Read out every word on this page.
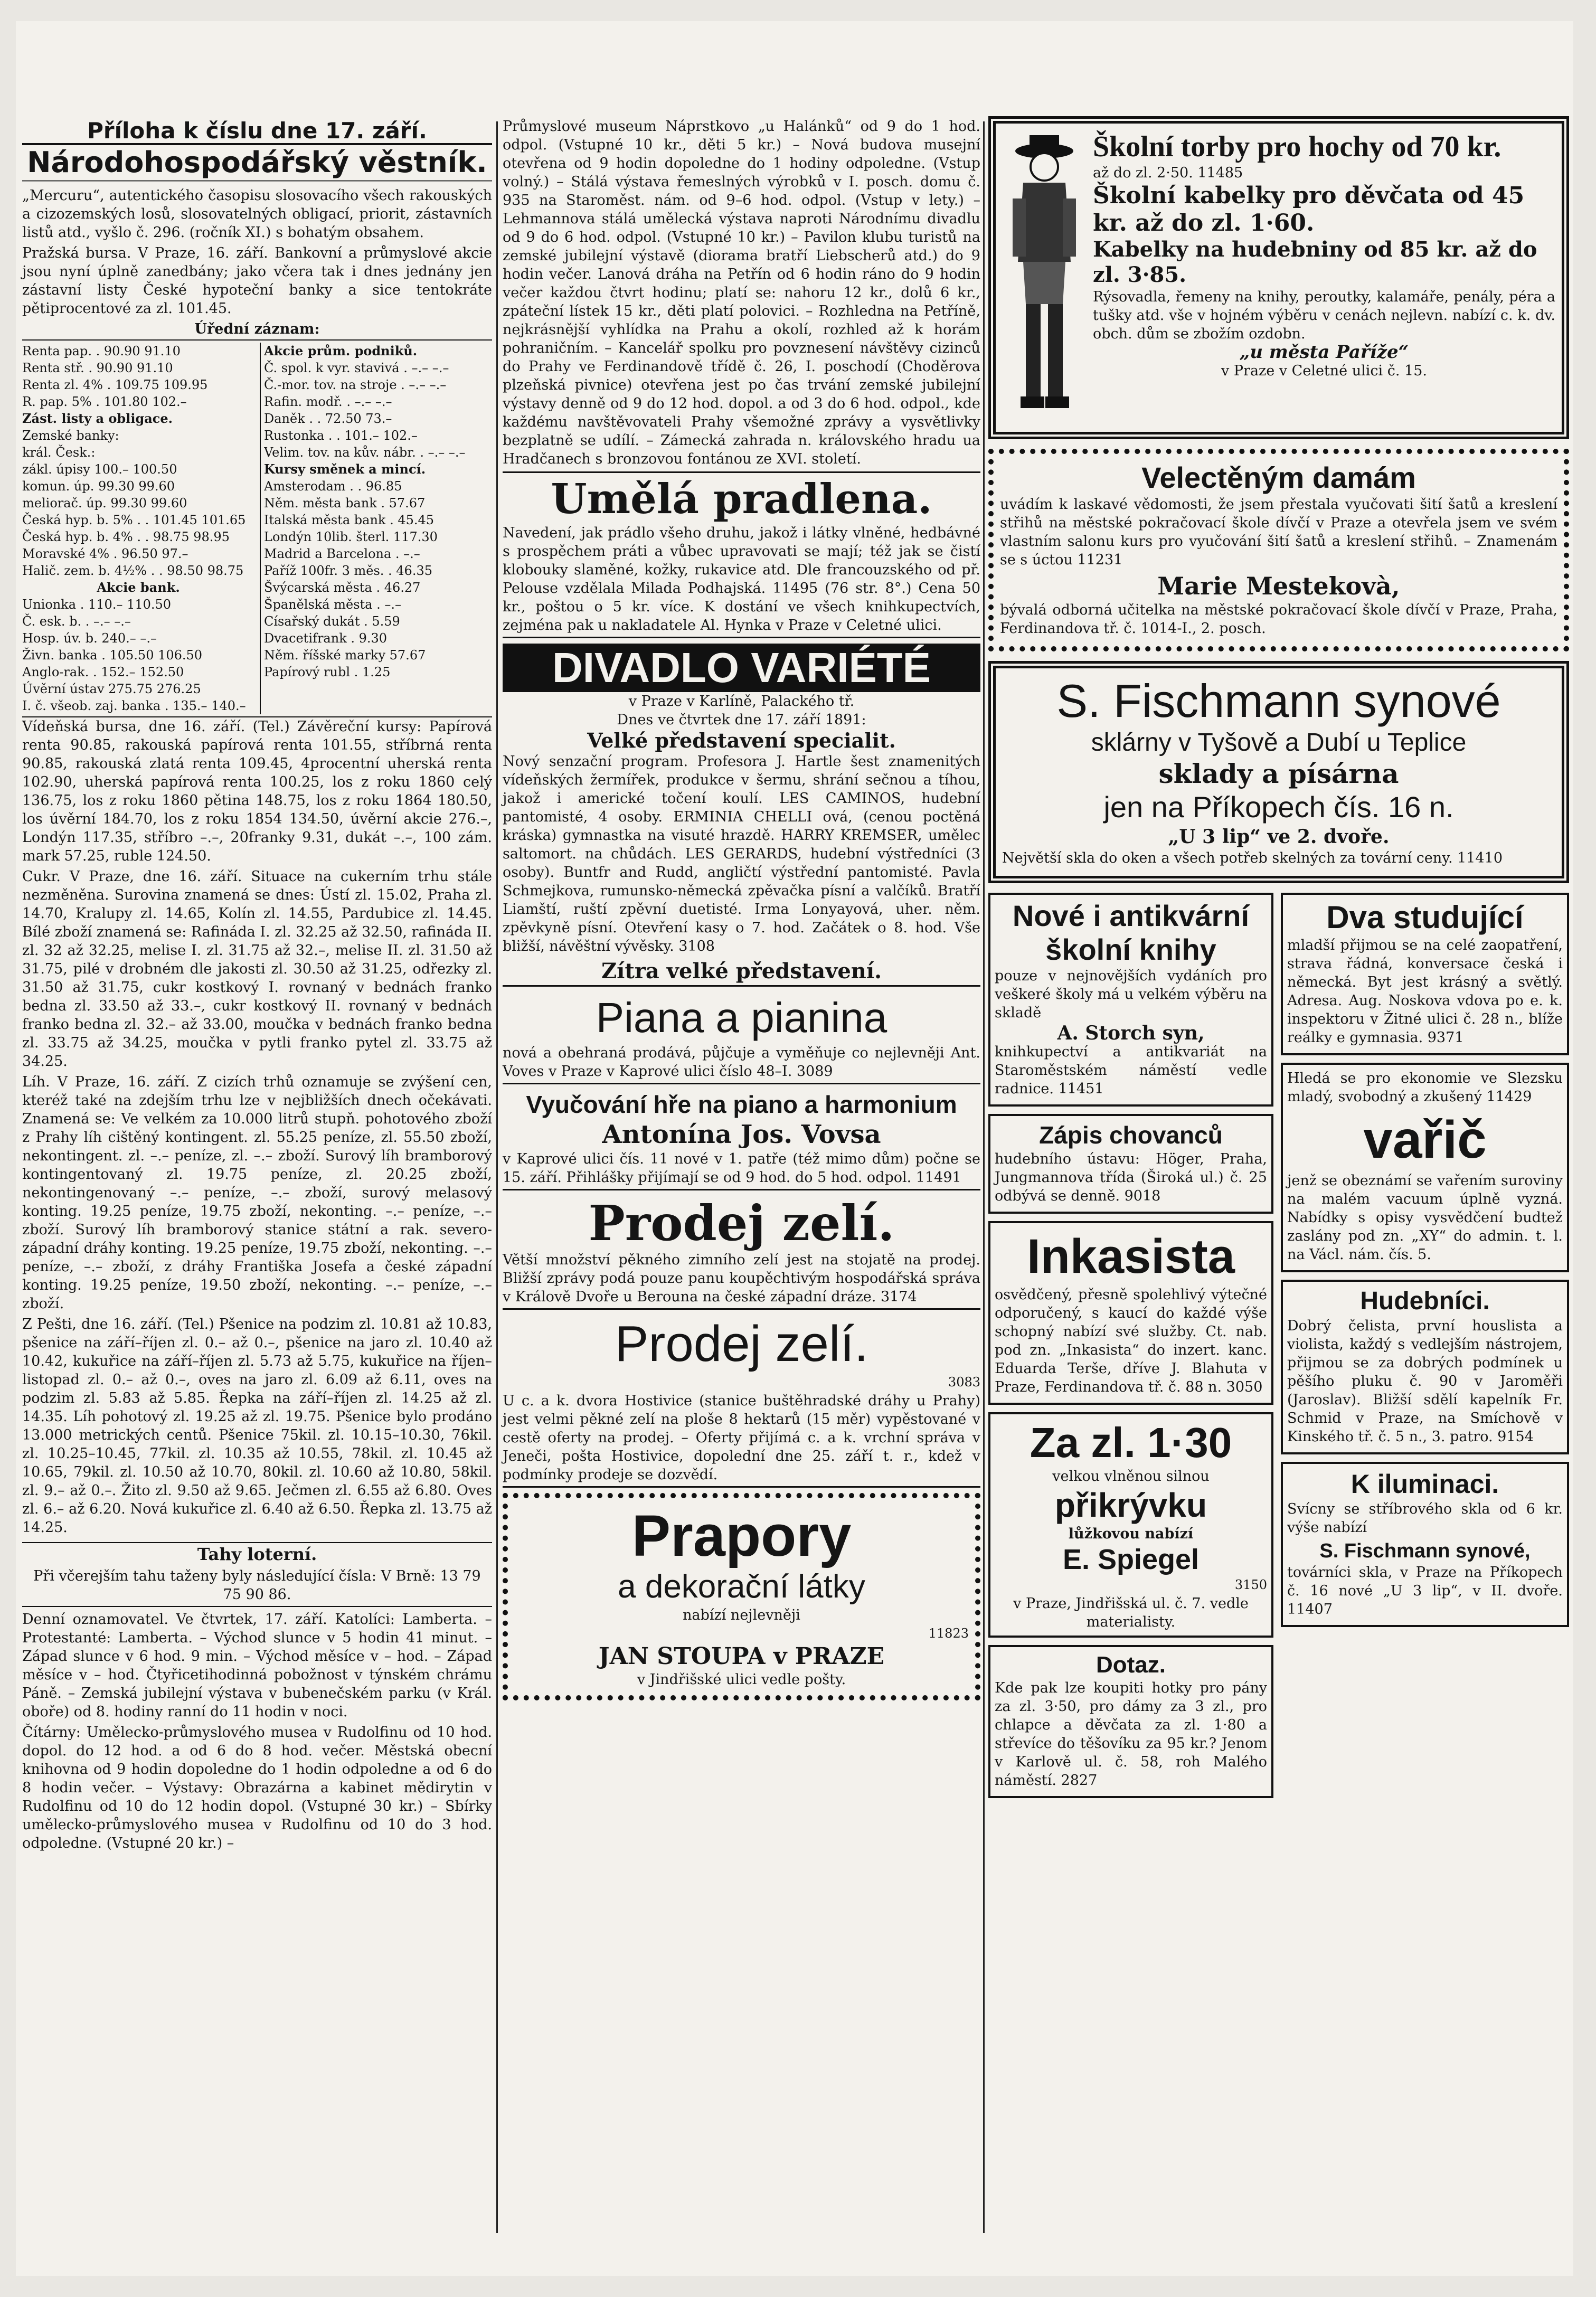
Příloha k číslu dne 17. září.
Národohospodářský věstník.

„Mercuru“, autentického časopisu slosovacího všech rakouských a cizozemských losů, slosovatelných obligací, priorit, zástavních listů atd., vyšlo č. 296. (ročník XI.) s bohatým obsahem.

Pražská bursa. V Praze, 16. září. Bankovní a průmyslové akcie jsou nyní úplně zanedbány; jako včera tak i dnes jednány jen zástavní listy České hypoteční banky a sice tentokráte pětiprocentové za zl. 101.45.

Úřední záznam:
Renta pap. . 90.90 91.10
Renta stř. . 90.90 91.10
Renta zl. 4% . 109.75 109.95
R. pap. 5% . 101.80 102.–
Zást. listy a obligace.
Zemské banky:
král. Česk.:
zákl. úpisy 100.– 100.50
komun. úp. 99.30 99.60
meliorač. úp. 99.30 99.60
Česká hyp. b. 5% . . 101.45 101.65
Česká hyp. b. 4% . . 98.75 98.95
Moravské 4% . 96.50 97.–
Halič. zem. b. 4½% . . 98.50 98.75
Akcie bank.
Unionka . 110.– 110.50
Č. esk. b. . –.– –.–
Hosp. úv. b. 240.– –.–
Živn. banka . 105.50 106.50
Anglo-rak. . 152.– 152.50
Úvěrní ústav 275.75 276.25
I. č. všeob. zaj. banka . 135.– 140.–
Akcie prům. podniků.
Č. spol. k vyr. stavivá . –.– –.–
Č.-mor. tov. na stroje . –.– –.–
Rafin. modř. . –.– –.–
Daněk . . 72.50 73.–
Rustonka . . 101.– 102.–
Velim. tov. na kův. nábr. . –.– –.–
Kursy směnek a mincí.
Amsterodam . . 96.85
Něm. města bank . 57.67
Italská města bank . 45.45
Londýn 10lib. šterl. 117.30
Madrid a Barcelona . –.–
Paříž 100fr. 3 měs. . 46.35
Švýcarská města . 46.27
Španělská města . –.–
Císařský dukát . 5.59
Dvacetifrank . 9.30
Něm. říšské marky 57.67
Papírový rubl . 1.25

Vídeňská bursa, dne 16. září. (Tel.) Závěreční kursy: Papírová renta 90.85, rakouská papírová renta 101.55, stříbrná renta 90.85, rakouská zlatá renta 109.45, 4procentní uherská renta 102.90, uherská papírová renta 100.25, los z roku 1860 celý 136.75, los z roku 1860 pětina 148.75, los z roku 1864 180.50, los úvěrní 184.70, los z roku 1854 134.50, úvěrní akcie 276.–, Londýn 117.35, stříbro –.–, 20franky 9.31, dukát –.–, 100 zám. mark 57.25, ruble 124.50.

Cukr. V Praze, dne 16. září. Situace na cukerním trhu stále nezměněna. Surovina znamená se dnes: Ústí zl. 15.02, Praha zl. 14.70, Kralupy zl. 14.65, Kolín zl. 14.55, Pardubice zl. 14.45. Bílé zboží znamená se: Rafináda I. zl. 32.25 až 32.50, rafináda II. zl. 32 až 32.25, melise I. zl. 31.75 až 32.–, melise II. zl. 31.50 až 31.75, pilé v drobném dle jakosti zl. 30.50 až 31.25, odřezky zl. 31.50 až 31.75, cukr kostkový I. rovnaný v bednách franko bedna zl. 33.50 až 33.–, cukr kostkový II. rovnaný v bednách franko bedna zl. 32.– až 33.00, moučka v bednách franko bedna zl. 33.75 až 34.25, moučka v pytli franko pytel zl. 33.75 až 34.25.

Líh. V Praze, 16. září. Z cizích trhů oznamuje se zvýšení cen, kteréž také na zdejším trhu lze v nejbližších dnech očekávati. Znamená se: Ve velkém za 10.000 litrů stupň. pohotového zboží z Prahy líh cištěný kontingent. zl. 55.25 peníze, zl. 55.50 zboží, nekontingent. zl. –.– peníze, zl. –.– zboží. Surový líh bramborový kontingentovaný zl. 19.75 peníze, zl. 20.25 zboží, nekontingenovaný –.– peníze, –.– zboží, surový melasový konting. 19.25 peníze, 19.75 zboží, nekonting. –.– peníze, –.– zboží. Surový líh bramborový stanice státní a rak. severo-západní dráhy konting. 19.25 peníze, 19.75 zboží, nekonting. –.– peníze, –.– zboží, z dráhy Františka Josefa a české západní konting. 19.25 peníze, 19.50 zboží, nekonting. –.– peníze, –.– zboží.

Z Pešti, dne 16. září. (Tel.) Pšenice na podzim zl. 10.81 až 10.83, pšenice na září–říjen zl. 0.– až 0.–, pšenice na jaro zl. 10.40 až 10.42, kukuřice na září–říjen zl. 5.73 až 5.75, kukuřice na říjen–listopad zl. 0.– až 0.–, oves na jaro zl. 6.09 až 6.11, oves na podzim zl. 5.83 až 5.85. Řepka na září–říjen zl. 14.25 až zl. 14.35. Líh pohotový zl. 19.25 až zl. 19.75. Pšenice bylo prodáno 13.000 metrických centů. Pšenice 75kil. zl. 10.15–10.30, 76kil. zl. 10.25–10.45, 77kil. zl. 10.35 až 10.55, 78kil. zl. 10.45 až 10.65, 79kil. zl. 10.50 až 10.70, 80kil. zl. 10.60 až 10.80, 58kil. zl. 9.– až 0.–. Žito zl. 9.50 až 9.65. Ječmen zl. 6.55 až 6.80. Oves zl. 6.– až 6.20. Nová kukuřice zl. 6.40 až 6.50. Řepka zl. 13.75 až 14.25.

Tahy loterní.

Při včerejším tahu taženy byly následující čísla: V Brně: 13 79 75 90 86.

Denní oznamovatel. Ve čtvrtek, 17. září. Katolíci: Lamberta. – Protestanté: Lamberta. – Východ slunce v 5 hodin 41 minut. – Západ slunce v 6 hod. 9 min. – Východ měsíce v – hod. – Západ měsíce v – hod. Čtyřicetihodinná pobožnost v týnském chrámu Páně. – Zemská jubilejní výstava v bubenečském parku (v Král. oboře) od 8. hodiny ranní do 11 hodin v noci.

Čítárny: Umělecko-průmyslového musea v Rudolfinu od 10 hod. dopol. do 12 hod. a od 6 do 8 hod. večer. Městská obecní knihovna od 9 hodin dopoledne do 1 hodin odpoledne a od 6 do 8 hodin večer. – Výstavy: Obrazárna a kabinet mědirytin v Rudolfinu od 10 do 12 hodin dopol. (Vstupné 30 kr.) – Sbírky umělecko-průmyslového musea v Rudolfinu od 10 do 3 hod. odpoledne. (Vstupné 20 kr.) –

Průmyslové museum Náprstkovo „u Halánků“ od 9 do 1 hod. odpol. (Vstupné 10 kr., děti 5 kr.) – Nová budova musejní otevřena od 9 hodin dopoledne do 1 hodiny odpoledne. (Vstup volný.) – Stálá výstava řemeslných výrobků v I. posch. domu č. 935 na Staroměst. nám. od 9–6 hod. odpol. (Vstup v lety.) – Lehmannova stálá umělecká výstava naproti Národnímu divadlu od 9 do 6 hod. odpol. (Vstupné 10 kr.) – Pavilon klubu turistů na zemské jubilejní výstavě (diorama bratří Liebscherů atd.) do 9 hodin večer. Lanová dráha na Petřín od 6 hodin ráno do 9 hodin večer každou čtvrt hodinu; platí se: nahoru 12 kr., dolů 6 kr., zpáteční lístek 15 kr., děti platí polovici. – Rozhledna na Petříně, nejkrásnější vyhlídka na Prahu a okolí, rozhled až k horám pohraničním. – Kancelář spolku pro povznesení návštěvy cizinců do Prahy ve Ferdinandově třídě č. 26, I. poschodí (Choděrova plzeňská pivnice) otevřena jest po čas trvání zemské jubilejní výstavy denně od 9 do 12 hod. dopol. a od 3 do 6 hod. odpol., kde každému navštěvovateli Prahy všemožné zprávy a vysvětlivky bezplatně se udílí. – Zámecká zahrada n. královského hradu ua Hradčanech s bronzovou fontánou ze XVI. století.

Umělá pradlena.

Navedení, jak prádlo všeho druhu, jakož i látky vlněné, hedbávné s prospěchem práti a vůbec upravovati se mají; též jak se čistí klobouky slaměné, kožky, rukavice atd. Dle francouzského od př. Pelouse vzdělala Milada Podhajská. 11495 (76 str. 8°.) Cena 50 kr., poštou o 5 kr. více. K dostání ve všech knihkupectvích, zejména pak u nakladatele Al. Hynka v Praze v Celetné ulici.

DIVADLO VARIÉTÉ
v Praze v Karlíně, Palackého tř.
Dnes ve čtvrtek dne 17. září 1891:
Velké představení specialit.

Nový senzační program. Profesora J. Hartle šest znamenitých vídeňských žermířek, produkce v šermu, shrání sečnou a tíhou, jakož i americké točení koulí. LES CAMINOS, hudební pantomisté, 4 osoby. ERMINIA CHELLI ová, (cenou poctěná kráska) gymnastka na visuté hrazdě. HARRY KREMSER, umělec saltomort. na chůdách. LES GERARDS, hudební výstředníci (3 osoby). Buntfr and Rudd, angličtí výstřední pantomisté. Pavla Schmejkova, rumunsko-německá zpěvačka písní a valčíků. Bratří Liamští, ruští zpěvní duetisté. Irma Lonyayová, uher. něm. zpěvkyně písní. Otevření kasy o 7. hod. Začátek o 8. hod. Vše bližší, návěštní vývěsky. 3108

Zítra velké představení.
Piana a pianina

nová a obehraná prodává, půjčuje a vyměňuje co nejlevněji Ant. Voves v Praze v Kaprové ulici číslo 48–I. 3089

Vyučování hře na piano a harmonium
Antonína Jos. Vovsa

v Kaprové ulici čís. 11 nové v 1. patře (též mimo dům) počne se 15. září. Přihlášky přijímají se od 9 hod. do 5 hod. odpol. 11491

Prodej zelí.

Větší množství pěkného zimního zelí jest na stojatě na prodej. Bližší zprávy podá pouze panu koupěchtivým hospodářská správa v Králově Dvoře u Berouna na české západní dráze. 3174

Prodej zelí.
3083

U c. a k. dvora Hostivice (stanice buštěhradské dráhy u Prahy) jest velmi pěkné zelí na ploše 8 hektarů (15 měr) vypěstované v cestě oferty na prodej. – Oferty přijímá c. a k. vrchní správa v Jeneči, pošta Hostivice, dopolední dne 25. září t. r., kdež v podmínky prodeje se dozvědí.

Prapory
a dekorační látky
nabízí nejlevněji
11823
JAN STOUPA v PRAZE
v Jindřišské ulici vedle pošty.
Školní torby pro hochy od 70 kr.
až do zl. 2·50. 11485
Školní kabelky pro děvčata od 45 kr. až do zl. 1·60.
Kabelky na hudebniny od 85 kr. až do zl. 3·85.
Rýsovadla, řemeny na knihy, peroutky, kalamáře, penály, péra a tušky atd. vše v hojném výběru v cenách nejlevn. nabízí c. k. dv. obch. dům se zbožím ozdobn.
„u města Paříže“
v Praze v Celetné ulici č. 15.
Velectěným damám

uvádím k laskavé vědomosti, že jsem přestala vyučovati šití šatů a kreslení střihů na městské pokračovací škole dívčí v Praze a otevřela jsem ve svém vlastním salonu kurs pro vyučování šití šatů a kreslení střihů. – Znamenám se s úctou 11231

Marie Mestekovà,

bývalá odborná učitelka na městské pokračovací škole dívčí v Praze, Praha, Ferdinandova tř. č. 1014-I., 2. posch.

S. Fischmann synové
sklárny v Tyšově a Dubí u Teplice
sklady a písárna
jen na Příkopech čís. 16 n.
„U 3 lip“ ve 2. dvoře.

Největší skla do oken a všech potřeb skelných za tovární ceny. 11410

Nové i antikvární školní knihy

pouze v nejnovějších vydáních pro veškeré školy má u velkém výběru na skladě

A. Storch syn,

knihkupectví a antikvariát na Staroměstském náměstí vedle radnice. 11451

Zápis chovanců

hudebního ústavu: Höger, Praha, Jungmannova třída (Široká ul.) č. 25 odbývá se denně. 9018

Inkasista

osvědčený, přesně spolehlivý výtečné odporučený, s kaucí do každé výše schopný nabízí své služby. Ct. nab. pod zn. „Inkasista“ do inzert. kanc. Eduarda Terše, dříve J. Blahuta v Praze, Ferdinandova tř. č. 88 n. 3050

Za zl. 1·30
velkou vlněnou silnou
přikrývku
lůžkovou nabízí
E. Spiegel
3150
v Praze, Jindřišská ul. č. 7. vedle materialisty.
Dotaz.

Kde pak lze koupiti hotky pro pány za zl. 3·50, pro dámy za 3 zl., pro chlapce a děvčata za zl. 1·80 a střevíce do těšovíku za 95 kr.? Jenom v Karlově ul. č. 58, roh Malého náměstí. 2827

Dva studující

mladší přijmou se na celé zaopatření, strava řádná, konversace česká i německá. Byt jest krásný a světlý. Adresa. Aug. Noskova vdova po e. k. inspektoru v Žitné ulici č. 28 n., blíže reálky e gymnasia. 9371

Hledá se pro ekonomie ve Slezsku mladý, svobodný a zkušený 11429

vařič

jenž se obeznámí se vařením suroviny na malém vacuum úplně vyzná. Nabídky s opisy vysvědčení budtež zaslány pod zn. „XY“ do admin. t. l. na Václ. nám. čís. 5.

Hudebníci.

Dobrý čelista, první houslista a violista, každý s vedlejším nástrojem, přijmou se za dobrých podmínek u pěšího pluku č. 90 v Jaroměři (Jaroslav). Bližší sdělí kapelník Fr. Schmid v Praze, na Smíchově v Kinského tř. č. 5 n., 3. patro. 9154

K iluminaci.

Svícny se stříbrového skla od 6 kr. výše nabízí

S. Fischmann synové,

továrníci skla, v Praze na Příkopech č. 16 nové „U 3 lip“, v II. dvoře. 11407
